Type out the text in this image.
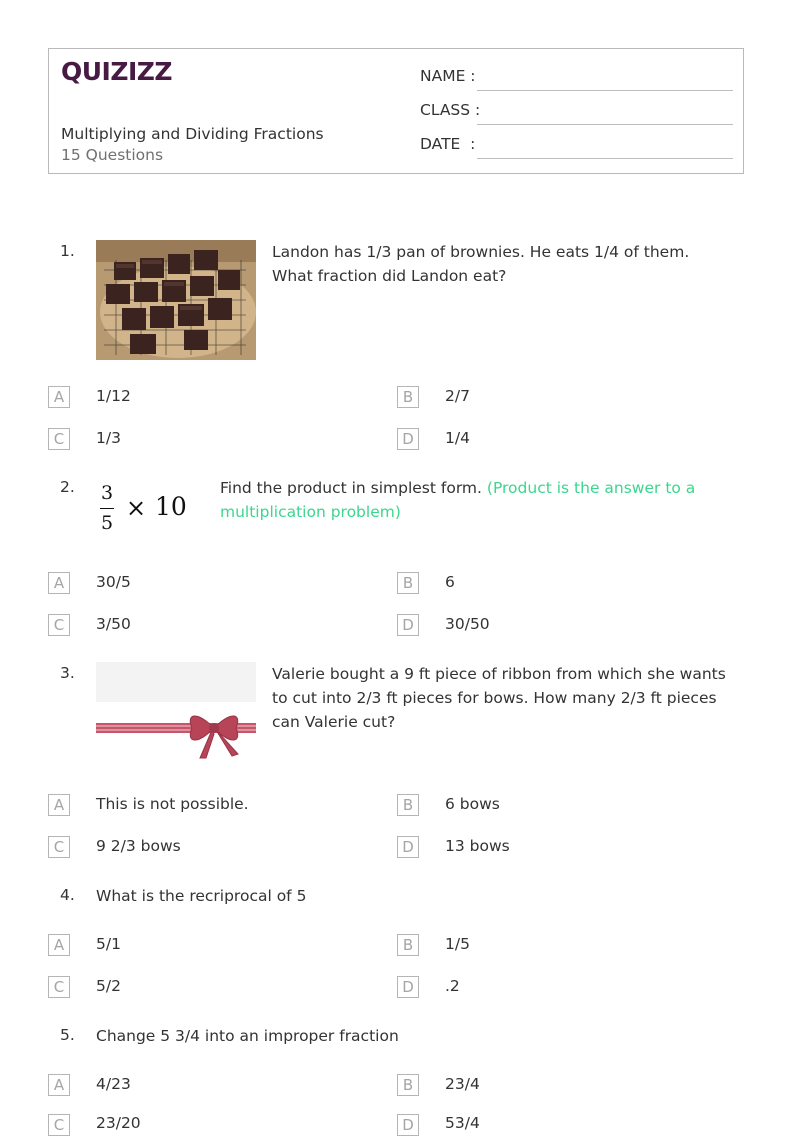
QUIZIZZ
Multiplying and Dividing Fractions
15 Questions
NAME :
CLASS :
DATE  :
1.	Landon has 1/3 pan of brownies. He eats 1/4 of them. What fraction did Landon eat?
A	1/12	B	2/7
C	1/3	D	1/4
2. 3
5
× 10
Find the product in simplest form. (Product is the answer to a multiplication problem)
A	30/5	B	6
C	3/50	D	30/50
3.	Valerie bought a 9 ft piece of ribbon from which she wants to cut into 2/3 ft pieces for bows. How many 2/3 ft pieces can Valerie cut?
A	This is not possible.	B	6 bows
C	9 2/3 bows	D	13 bows
4. What is the recriprocal of 5
A	5/1	B	1/5
C	5/2	D	.2
5. Change 5 3/4 into an improper fraction
A	4/23	B	23/4
C	23/20	D	53/4
